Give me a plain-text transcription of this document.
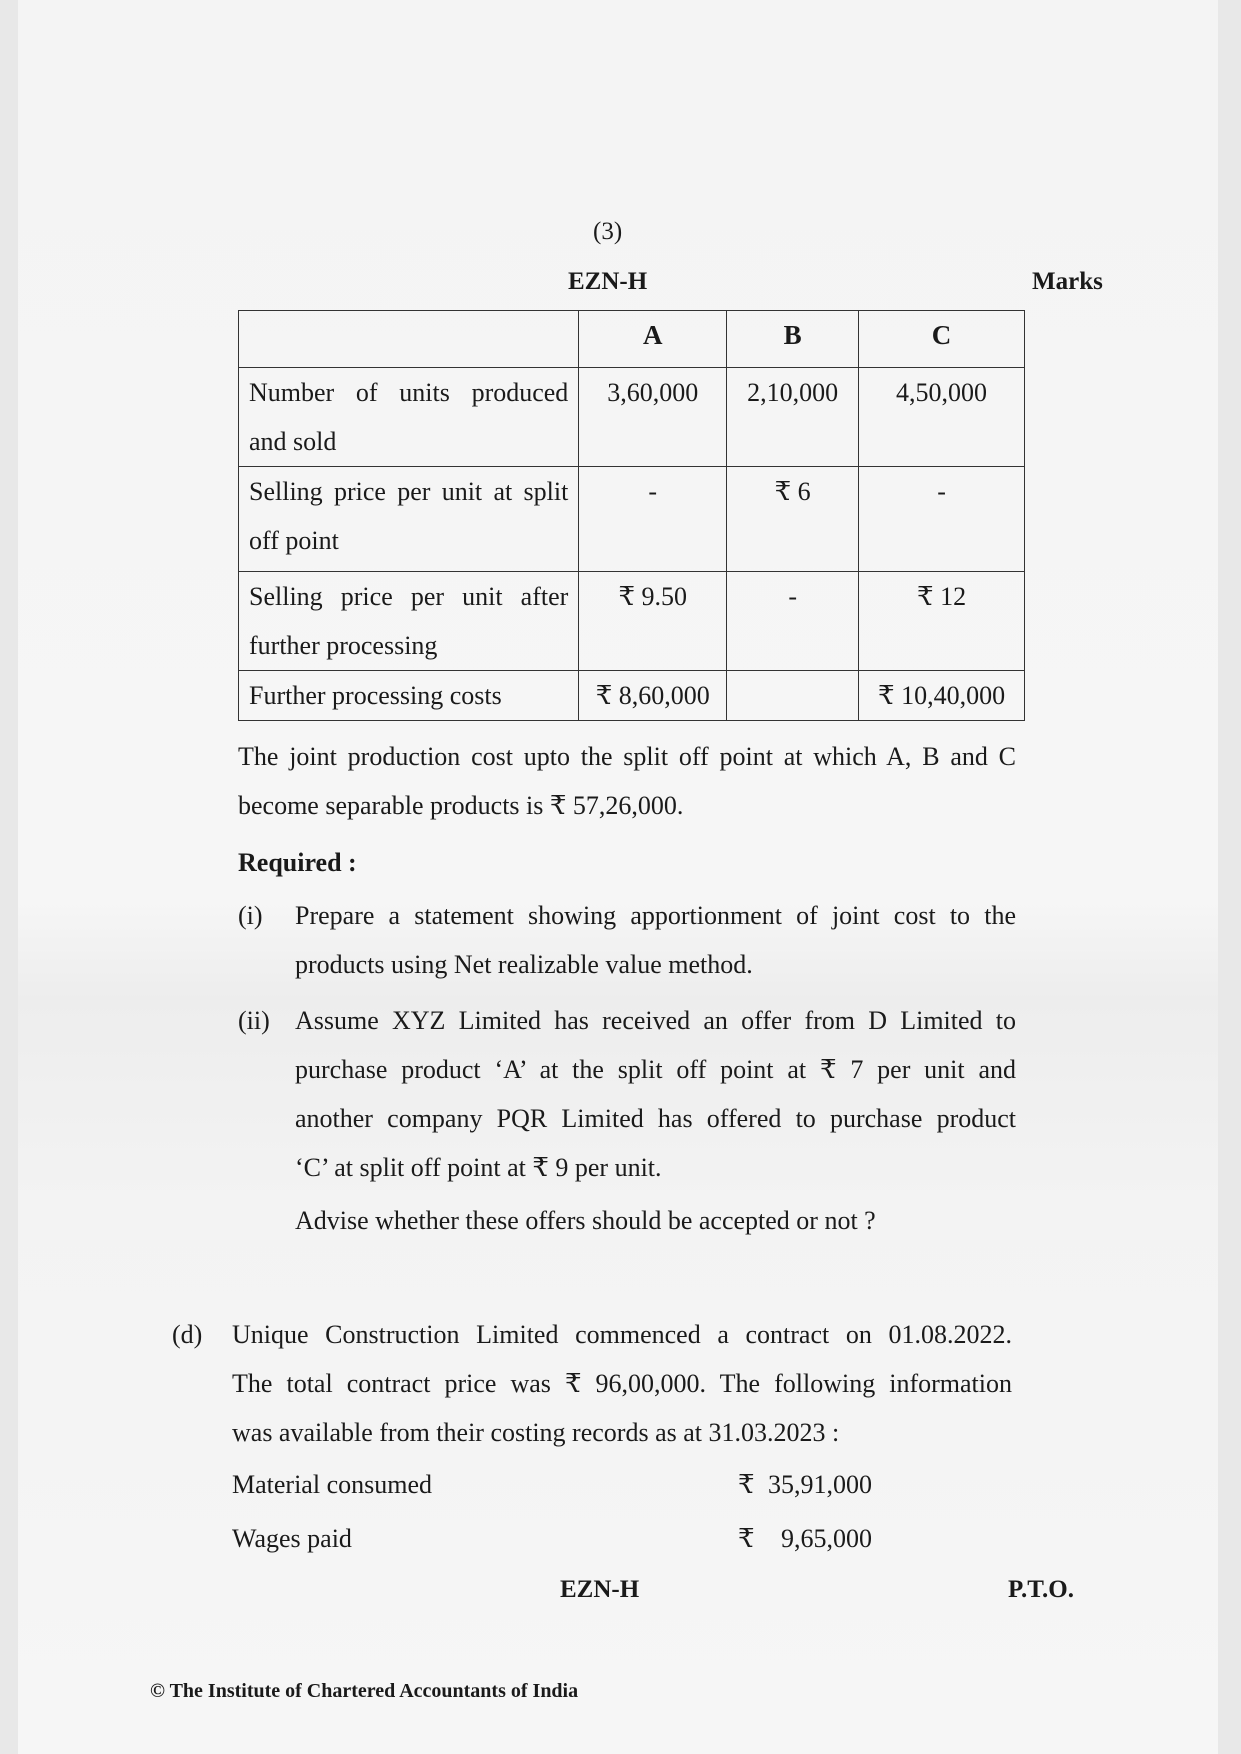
(3)
EZN-H	Marks
	A	B	C

Number of units produced
and sold	3,60,000	2,10,000	4,50,000

Selling price per unit at split
off point	-	₹ 6	-

Selling price per unit after
further processing	₹ 9.50	-	₹ 12
Further processing costs	₹ 8,60,000		₹ 10,40,000
The joint production cost upto the split off point at which A, B and C
become separable products is ₹ 57,26,000.
Required :
(i) Prepare a statement showing apportionment of joint cost to the
products using Net realizable value method.
(ii) Assume XYZ Limited has received an offer from D Limited to
purchase product ‘A’ at the split off point at ₹ 7 per unit and
another company PQR Limited has offered to purchase product
‘C’ at split off point at ₹ 9 per unit.
Advise whether these offers should be accepted or not ?
(d) Unique Construction Limited commenced a contract on 01.08.2022.
The total contract price was ₹ 96,00,000. The following information
was available from their costing records as at 31.03.2023 :
Material consumed	₹ 35,91,000
Wages paid	₹ 9,65,000
EZN-H	P.T.O.
© The Institute of Chartered Accountants of India
